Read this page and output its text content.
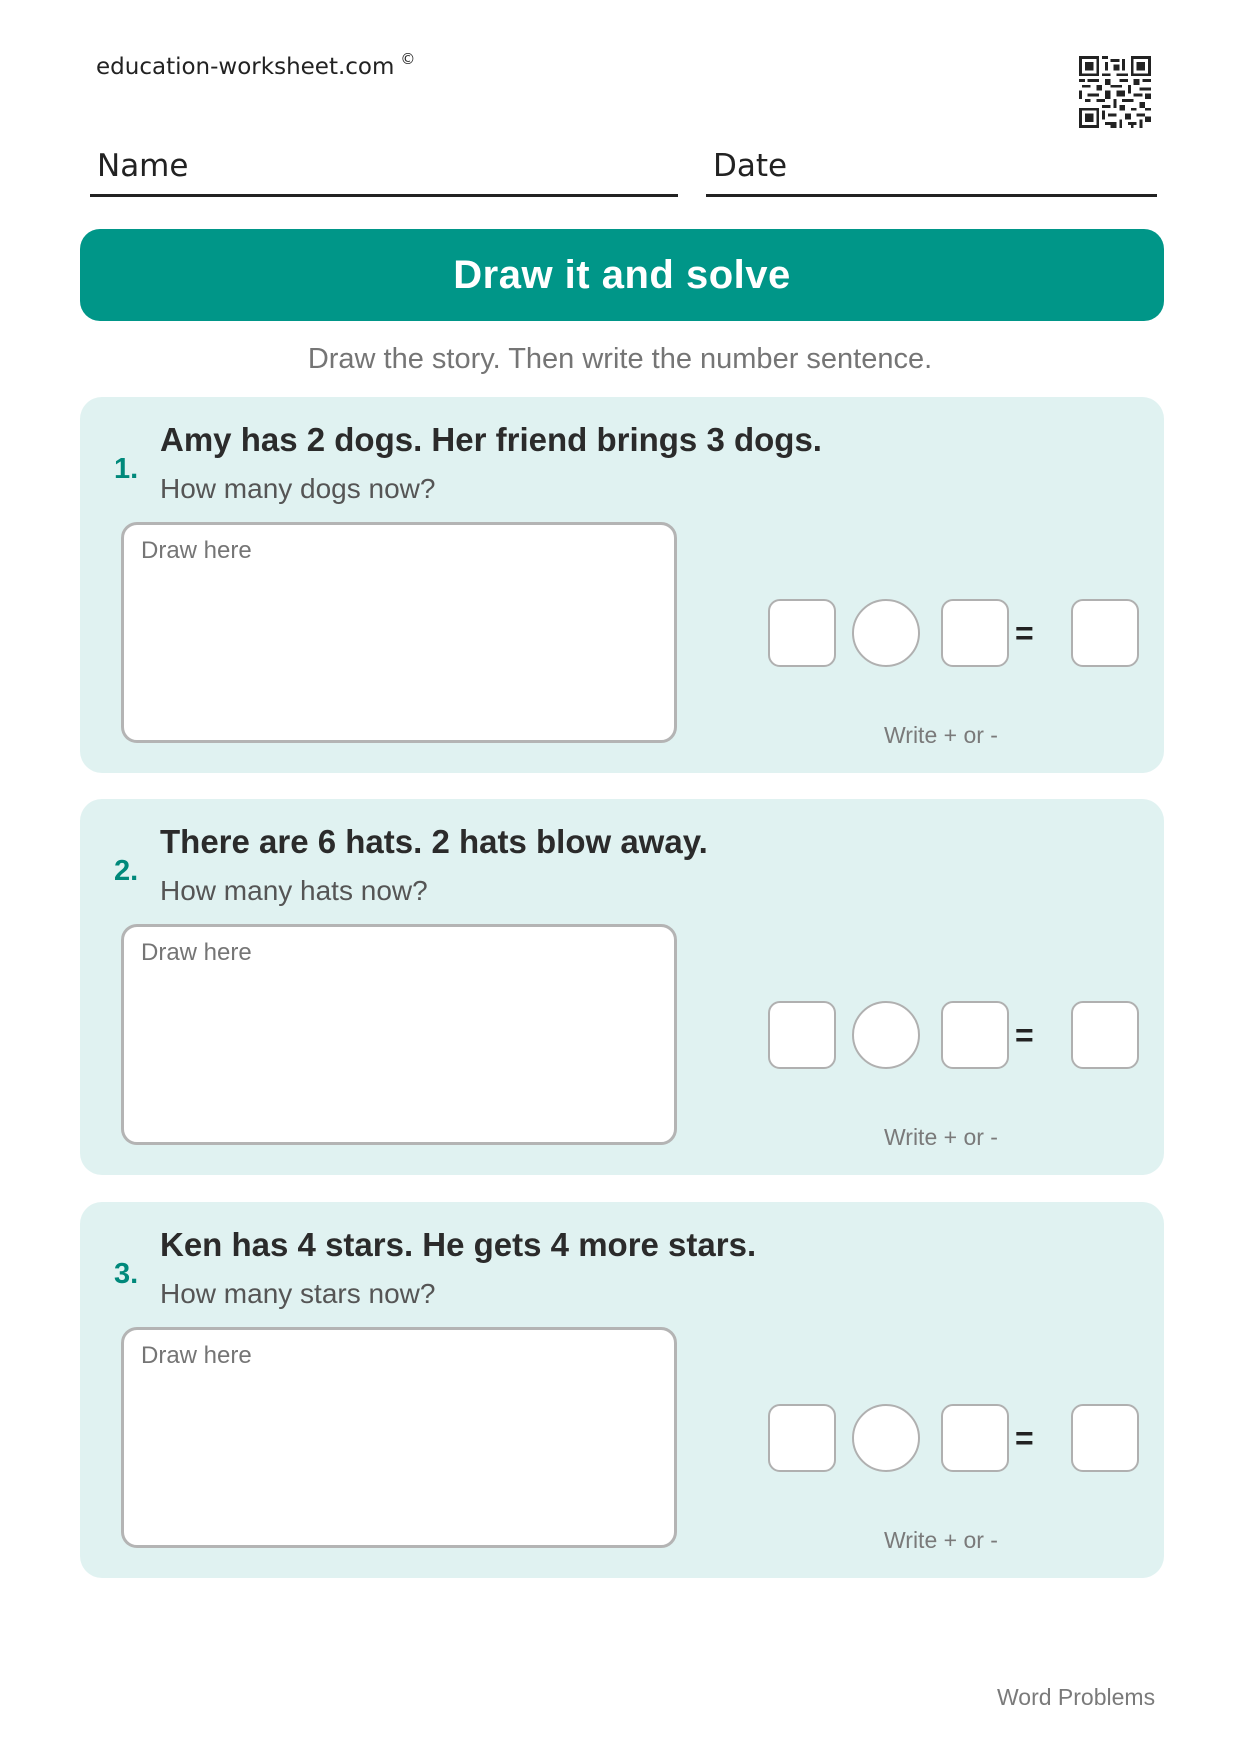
education-worksheet.com ©
Name	Date
Draw it and solve
Draw the story. Then write the number sentence.
1.
Amy has 2 dogs. Her friend brings 3 dogs.
How many dogs now?
Draw here
=
Write + or -
2.
There are 6 hats. 2 hats blow away.
How many hats now?
Draw here
=
Write + or -
3.
Ken has 4 stars. He gets 4 more stars.
How many stars now?
Draw here
=
Write + or -
Word Problems
